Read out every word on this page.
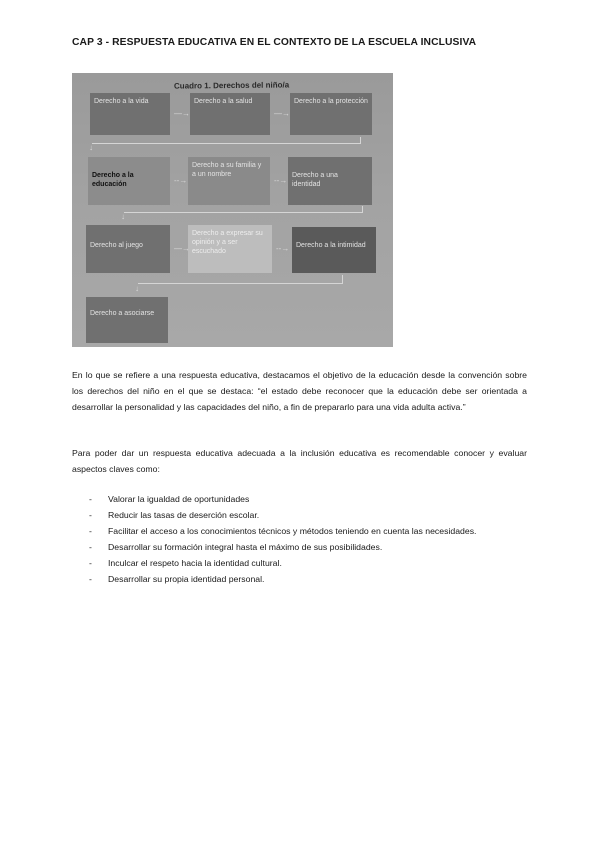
CAP 3 - RESPUESTA EDUCATIVA EN EL CONTEXTO DE LA ESCUELA INCLUSIVA
Cuadro 1. Derechos del niño/a
Derecho a la vida	Derecho a la salud	Derecho a la protección
Derecho a la educación
Derecho a su familia y a un nombre	Derecho a una identidad
Derecho al juego
Derecho a expresar su opinión y a ser escuchado
Derecho a la intimidad
Derecho a asociarse
—→	—→
--→	--→
—→	--→
↓
↓
↓
En lo que se refiere a una respuesta educativa, destacamos el objetivo de la educación desde la convención sobre los derechos del niño en el que se destaca: “el estado debe reconocer que la educación debe ser orientada a desarrollar la personalidad y las capacidades del niño, a fin de prepararlo para una vida adulta activa.”
Para poder dar un respuesta educativa adecuada a la inclusión educativa es recomendable conocer y evaluar aspectos claves como:
- Valorar la igualdad de oportunidades
- Reducir las tasas de deserción escolar.
- Facilitar el acceso a los conocimientos técnicos y métodos teniendo en cuenta las necesidades.
- Desarrollar su formación integral hasta el máximo de sus posibilidades.
- Inculcar el respeto hacia la identidad cultural.
- Desarrollar su propia identidad personal.
